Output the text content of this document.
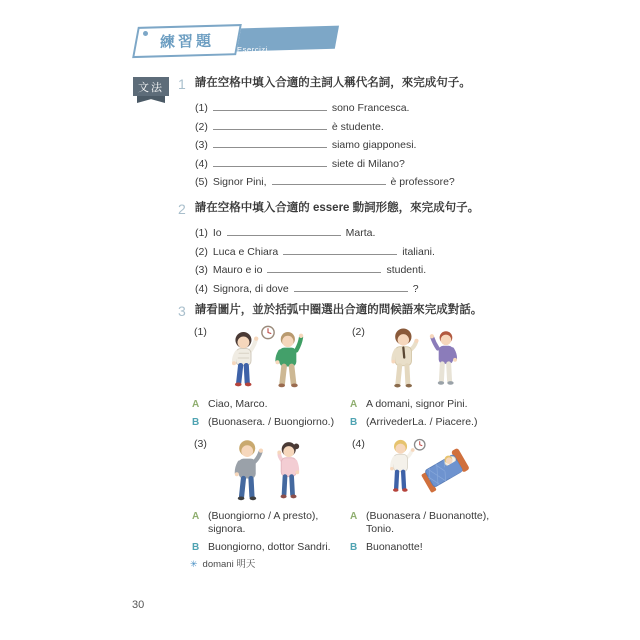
練習題	Esercizi
文法	1 請在空格中填入合適的主詞人稱代名詞，來完成句子。
(1)	sono Francesca.
(2)	è studente.
(3)	siamo giapponesi.
(4)	siete di Milano?
(5) Signor Pini,	è professore?
2 請在空格中填入合適的 essere 動詞形態，來完成句子。
(1) Io	Marta.
(2) Luca e Chiara	italiani.
(3) Mauro e io	studenti.
(4) Signora, di dove	?
3 請看圖片，並於括弧中圈選出合適的問候語來完成對話。
(1)
A Ciao, Marco.
B (Buonasera. / Buongiorno.)
(2)
A A domani, signor Pini.
B (ArrivederLa. / Piacere.)
(3)
A (Buongiorno / A presto), signora.
B Buongiorno, dottor Sandri.
(4)
A (Buonasera / Buonanotte), Tonio.
B Buonanotte!
✳ domani 明天
30
